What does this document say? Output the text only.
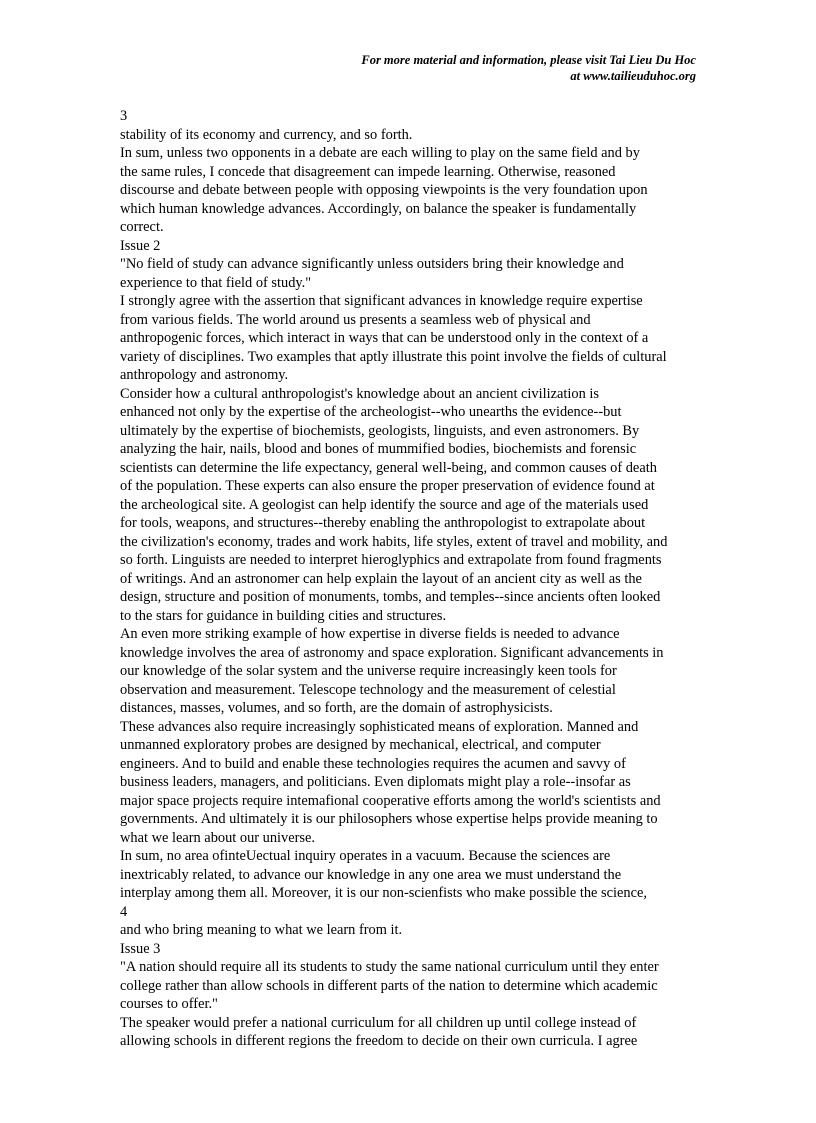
For more material and information, please visit Tai Lieu Du Hoc
at www.tailieuduhoc.org

3

stability of its economy and currency, and so forth.

In sum, unless two opponents in a debate are each willing to play on the same field and by

the same rules, I concede that disagreement can impede learning. Otherwise, reasoned

discourse and debate between people with opposing viewpoints is the very foundation upon

which human knowledge advances. Accordingly, on balance the speaker is fundamentally

correct.

Issue 2

"No field of study can advance significantly unless outsiders bring their knowledge and

experience to that field of study."

I strongly agree with the assertion that significant advances in knowledge require expertise

from various fields. The world around us presents a seamless web of physical and

anthropogenic forces, which interact in ways that can be understood only in the context of a

variety of disciplines. Two examples that aptly illustrate this point involve the fields of cultural

anthropology and astronomy.

Consider how a cultural anthropologist's knowledge about an ancient civilization is

enhanced not only by the expertise of the archeologist--who unearths the evidence--but

ultimately by the expertise of biochemists, geologists, linguists, and even astronomers. By

analyzing the hair, nails, blood and bones of mummified bodies, biochemists and forensic

scientists can determine the life expectancy, general well-being, and common causes of death

of the population. These experts can also ensure the proper preservation of evidence found at

the archeological site. A geologist can help identify the source and age of the materials used

for tools, weapons, and structures--thereby enabling the anthropologist to extrapolate about

the civilization's economy, trades and work habits, life styles, extent of travel and mobility, and

so forth. Linguists are needed to interpret hieroglyphics and extrapolate from found fragments

of writings. And an astronomer can help explain the layout of an ancient city as well as the

design, structure and position of monuments, tombs, and temples--since ancients often looked

to the stars for guidance in building cities and structures.

An even more striking example of how expertise in diverse fields is needed to advance

knowledge involves the area of astronomy and space exploration. Significant advancements in

our knowledge of the solar system and the universe require increasingly keen tools for

observation and measurement. Telescope technology and the measurement of celestial

distances, masses, volumes, and so forth, are the domain of astrophysicists.

These advances also require increasingly sophisticated means of exploration. Manned and

unmanned exploratory probes are designed by mechanical, electrical, and computer

engineers. And to build and enable these technologies requires the acumen and savvy of

business leaders, managers, and politicians. Even diplomats might play a role--insofar as

major space projects require intemafional cooperative efforts among the world's scientists and

governments. And ultimately it is our philosophers whose expertise helps provide meaning to

what we learn about our universe.

In sum, no area ofinteUectual inquiry operates in a vacuum. Because the sciences are

inextricably related, to advance our knowledge in any one area we must understand the

interplay among them all. Moreover, it is our non-scienfists who make possible the science,

4

and who bring meaning to what we learn from it.

Issue 3

"A nation should require all its students to study the same national curriculum until they enter

college rather than allow schools in different parts of the nation to determine which academic

courses to offer."

The speaker would prefer a national curriculum for all children up until college instead of

allowing schools in different regions the freedom to decide on their own curricula. I agree
